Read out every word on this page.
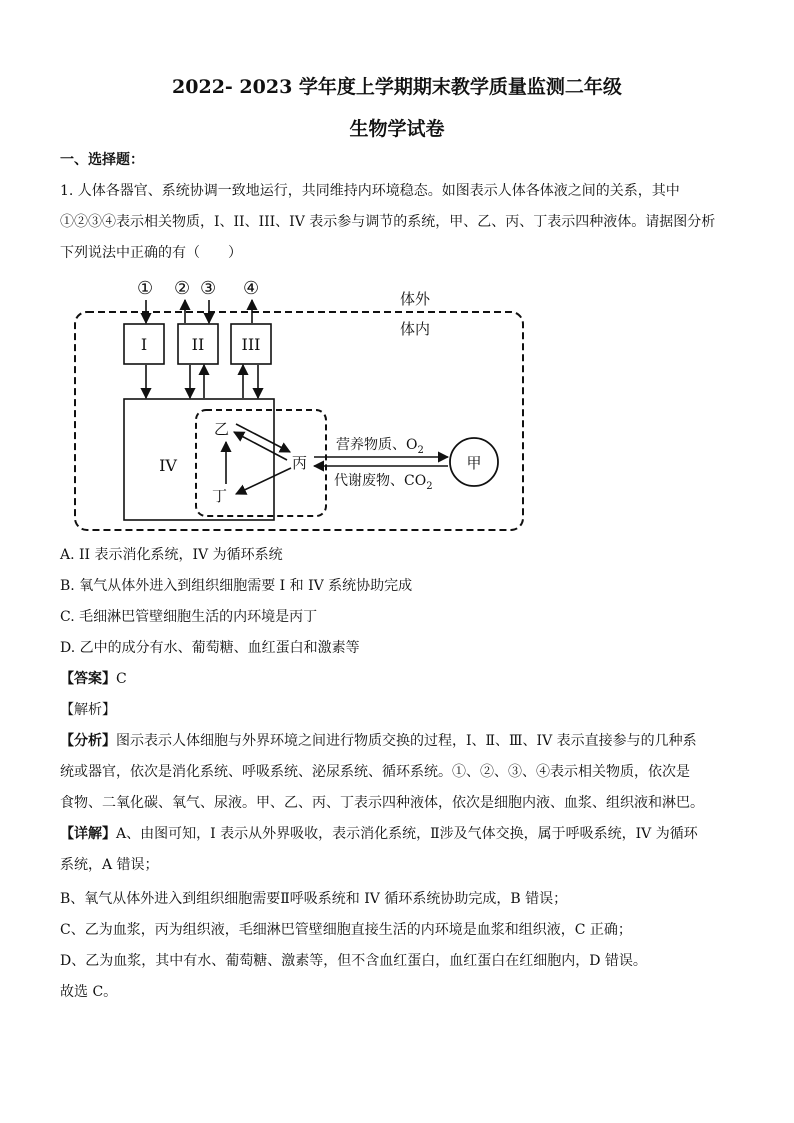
2022- 2023 学年度上学期期末教学质量监测二年级
生物学试卷
一、选择题：
1. 人体各器官、系统协调一致地运行，共同维持内环境稳态。如图表示人体各体液之间的关系，其中
①②③④表示相关物质，I、II、III、IV 表示参与调节的系统，甲、乙、丙、丁表示四种液体。请据图分析
下列说法中正确的有（　　）
体外
体内
① ② ③ ④
I	II III
IV
乙
丙
丁
甲
营养物质、$O_2$
代谢废物、$CO_2$
A. II 表示消化系统，IV 为循环系统
B. 氧气从体外进入到组织细胞需要 I 和 IV 系统协助完成
C. 毛细淋巴管壁细胞生活的内环境是丙丁
D. 乙中的成分有水、葡萄糖、血红蛋白和激素等
【答案】C
【解析】
【分析】图示表示人体细胞与外界环境之间进行物质交换的过程，I、Ⅱ、Ⅲ、IV 表示直接参与的几种系
统或器官，依次是消化系统、呼吸系统、泌尿系统、循环系统。①、②、③、④表示相关物质，依次是
食物、二氧化碳、氧气、尿液。甲、乙、丙、丁表示四种液体，依次是细胞内液、血浆、组织液和淋巴。
【详解】A、由图可知，I 表示从外界吸收，表示消化系统，Ⅱ涉及气体交换，属于呼吸系统，IV 为循环
系统，A 错误；
B、氧气从体外进入到组织细胞需要Ⅱ呼吸系统和 IV 循环系统协助完成，B 错误；
C、乙为血浆，丙为组织液，毛细淋巴管壁细胞直接生活的内环境是血浆和组织液，C 正确；
D、乙为血浆，其中有水、葡萄糖、激素等，但不含血红蛋白，血红蛋白在红细胞内，D 错误。
故选 C。
